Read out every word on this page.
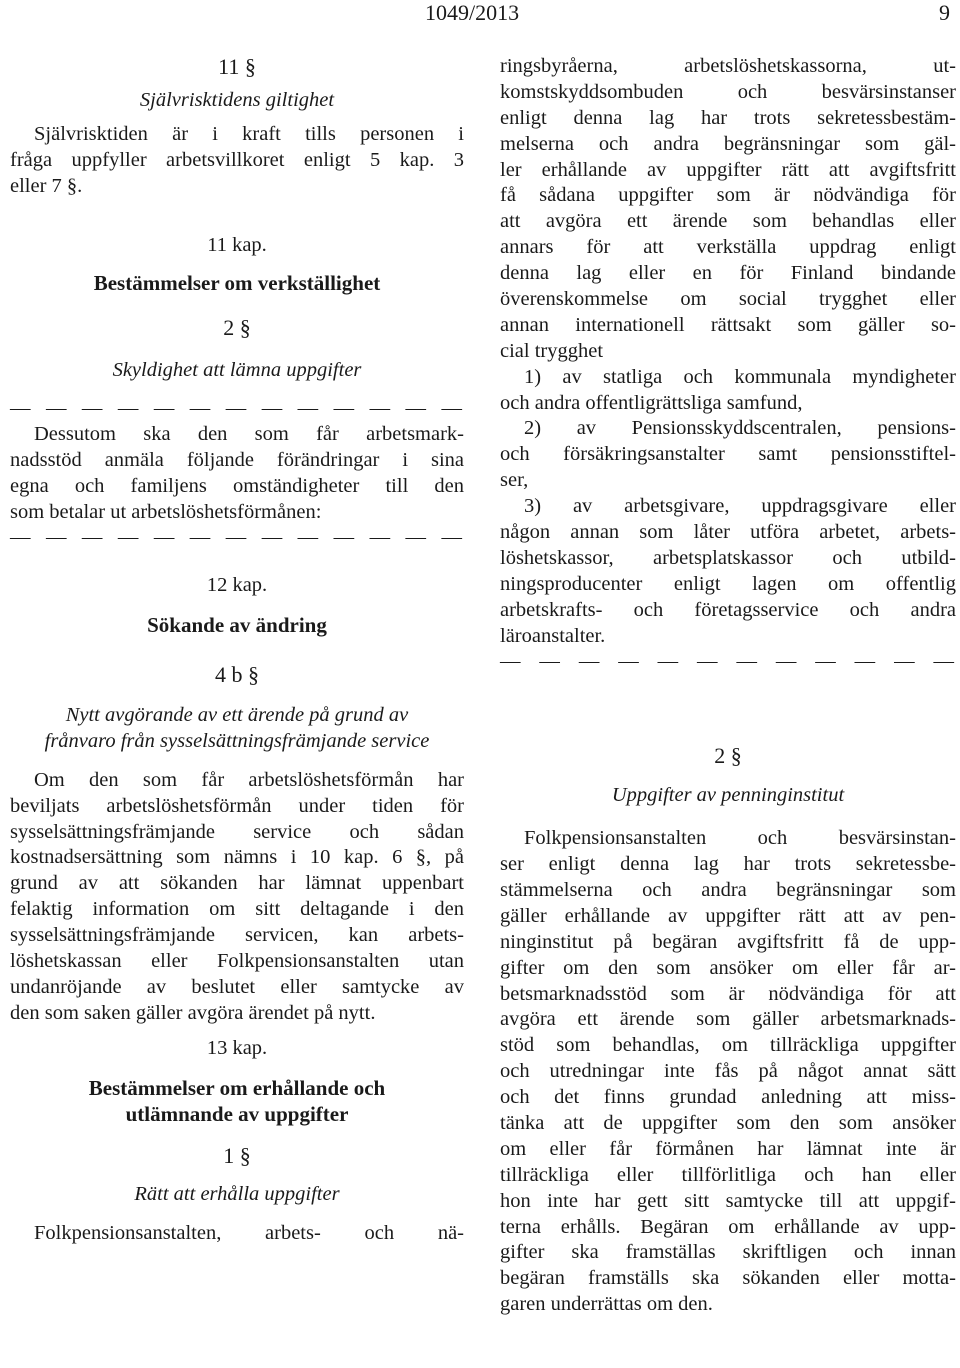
1049/2013	9
11 §
Självrisktidens giltighet
Självrisktiden är i kraft tills personen i
fråga uppfyller arbetsvillkoret enligt 5 kap. 3
eller 7 §.
11 kap.
Bestämmelser om verkställighet
2 §
Skyldighet att lämna uppgifter
— — — — — — — — — — — — —
Dessutom ska den som får arbetsmark-
nadsstöd anmäla följande förändringar i sina
egna och familjens omständigheter till den
som betalar ut arbetslöshetsförmånen:
— — — — — — — — — — — — —
12 kap.
Sökande av ändring
4 b §
Nytt avgörande av ett ärende på grund av
frånvaro från sysselsättningsfrämjande service
Om den som får arbetslöshetsförmån har
beviljats arbetslöshetsförmån under tiden för
sysselsättningsfrämjande service och sådan
kostnadsersättning som nämns i 10 kap. 6 §, på
grund av att sökanden har lämnat uppenbart
felaktig information om sitt deltagande i den
sysselsättningsfrämjande servicen, kan arbets-
löshetskassan eller Folkpensionsanstalten utan
undanröjande av beslutet eller samtycke av
den som saken gäller avgöra ärendet på nytt.
13 kap.
Bestämmelser om erhållande och
utlämnande av uppgifter
1 §
Rätt att erhålla uppgifter
Folkpensionsanstalten, arbets- och nä-
ringsbyråerna, arbetslöshetskassorna, ut-
komstskyddsombuden och besvärsinstanser
enligt denna lag har trots sekretessbestäm-
melserna och andra begränsningar som gäl-
ler erhållande av uppgifter rätt att avgiftsfritt
få sådana uppgifter som är nödvändiga för
att avgöra ett ärende som behandlas eller
annars för att verkställa uppdrag enligt
denna lag eller en för Finland bindande
överenskommelse om social trygghet eller
annan internationell rättsakt som gäller so-
cial trygghet
1) av statliga och kommunala myndigheter
och andra offentligrättsliga samfund,
2) av Pensionsskyddscentralen, pensions-
och försäkringsanstalter samt pensionsstiftel-
ser,
3) av arbetsgivare, uppdragsgivare eller
någon annan som låter utföra arbetet, arbets-
löshetskassor, arbetsplatskassor och utbild-
ningsproducenter enligt lagen om offentlig
arbetskrafts- och företagsservice och andra
läroanstalter.
— — — — — — — — — — — —
2 §
Uppgifter av penninginstitut
Folkpensionsanstalten och besvärsinstan-
ser enligt denna lag har trots sekretessbe-
stämmelserna och andra begränsningar som
gäller erhållande av uppgifter rätt att av pen-
ninginstitut på begäran avgiftsfritt få de upp-
gifter om den som ansöker om eller får ar-
betsmarknadsstöd som är nödvändiga för att
avgöra ett ärende som gäller arbetsmarknads-
stöd som behandlas, om tillräckliga uppgifter
och utredningar inte fås på något annat sätt
och det finns grundad anledning att miss-
tänka att de uppgifter som den som ansöker
om eller får förmånen har lämnat inte är
tillräckliga eller tillförlitliga och han eller
hon inte har gett sitt samtycke till att uppgif-
terna erhålls. Begäran om erhållande av upp-
gifter ska framställas skriftligen och innan
begäran framställs ska sökanden eller motta-
garen underrättas om den.
